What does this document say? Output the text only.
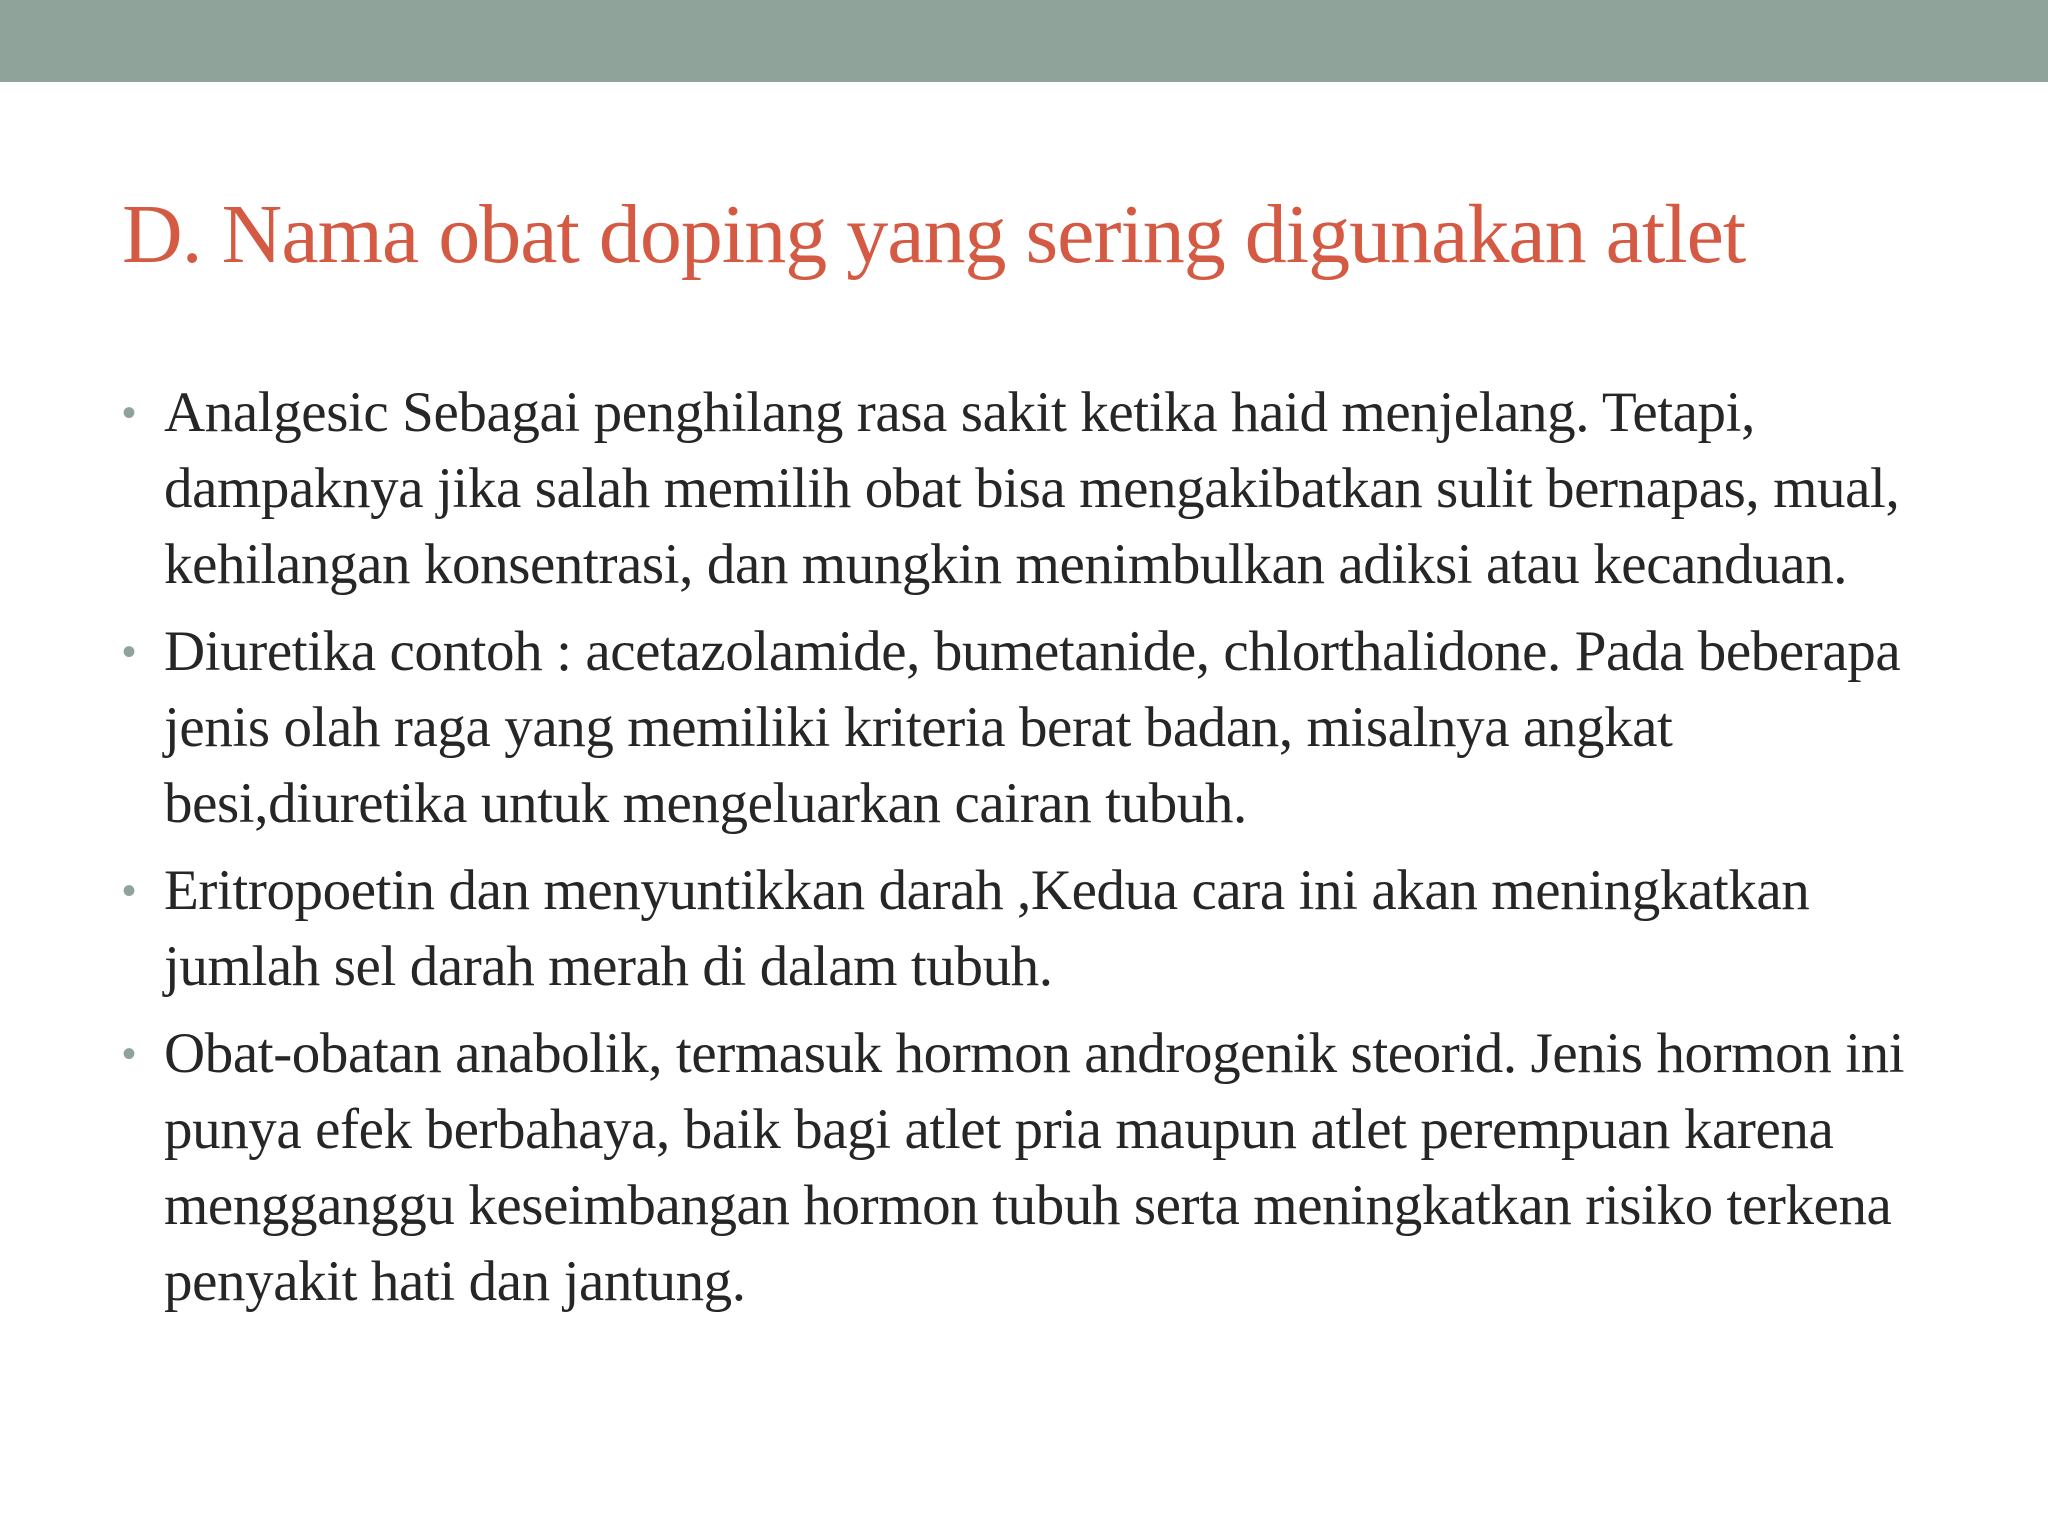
D. Nama obat doping yang sering digunakan atlet
• Analgesic Sebagai penghilang rasa sakit ketika haid menjelang. Tetapi, dampaknya jika salah memilih obat bisa mengakibatkan sulit bernapas, mual, kehilangan konsentrasi, dan mungkin menimbulkan adiksi atau kecanduan.
• Diuretika contoh : acetazolamide, bumetanide, chlorthalidone. Pada beberapa jenis olah raga yang memiliki kriteria berat badan, misalnya angkat besi,diuretika untuk mengeluarkan cairan tubuh.
• Eritropoetin dan menyuntikkan darah ,Kedua cara ini akan meningkatkan jumlah sel darah merah di dalam tubuh.
• Obat-obatan anabolik, termasuk hormon androgenik steorid. Jenis hormon ini punya efek berbahaya, baik bagi atlet pria maupun atlet perempuan karena mengganggu keseimbangan hormon tubuh serta meningkatkan risiko terkena penyakit hati dan jantung.
